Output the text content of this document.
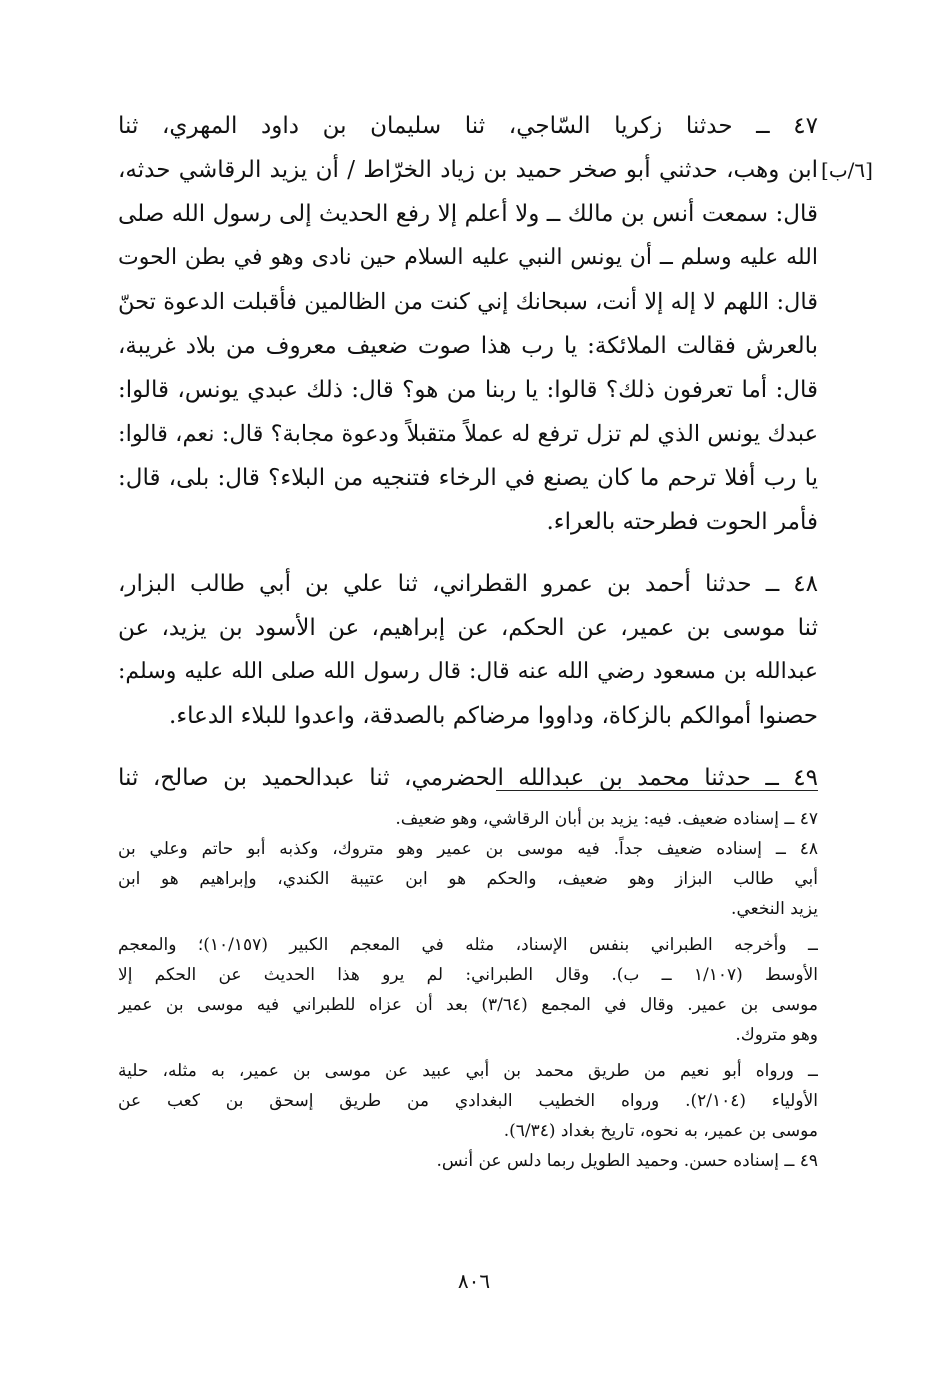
[٦/ب]
٤٧ ــ حدثنا زكريا السّاجي، ثنا سليمان بن داود المهري، ثنا
ابن وهب، حدثني أبو صخر حميد بن زياد الخرّاط / أن يزيد الرقاشي حدثه،
قال: سمعت أنس بن مالك ــ ولا أعلم إلا رفع الحديث إلى رسول الله صلى
الله عليه وسلم ــ أن يونس النبي عليه السلام حين نادى وهو في بطن الحوت
قال: اللهم لا إله إلا أنت، سبحانك إني كنت من الظالمين فأقبلت الدعوة تحنّ
بالعرش فقالت الملائكة: يا رب هذا صوت ضعيف معروف من بلاد غريبة،
قال: أما تعرفون ذلك؟ قالوا: يا ربنا من هو؟ قال: ذلك عبدي يونس، قالوا:
عبدك يونس الذي لم تزل ترفع له عملاً متقبلاً ودعوة مجابة؟ قال: نعم، قالوا:
يا رب أفلا ترحم ما كان يصنع في الرخاء فتنجيه من البلاء؟ قال: بلى، قال:
فأمر الحوت فطرحته بالعراء.
٤٨ ــ حدثنا أحمد بن عمرو القطراني، ثنا علي بن أبي طالب البزار،
ثنا موسى بن عمير، عن الحكم، عن إبراهيم، عن الأسود بن يزيد، عن
عبدالله بن مسعود رضي الله عنه قال: قال رسول الله صلى الله عليه وسلم:
حصنوا أموالكم بالزكاة، وداووا مرضاكم بالصدقة، واعدوا للبلاء الدعاء.
٤٩ ــ حدثنا محمد بن عبدالله الحضرمي، ثنا عبدالحميد بن صالح، ثنا
٤٧ ــ إسناده ضعيف. فيه: يزيد بن أبان الرقاشي، وهو ضعيف.
٤٨ ــ إسناده ضعيف جداً. فيه موسى بن عمير وهو متروك، وكذبه أبو حاتم وعلي بن
أبي طالب البزاز وهو ضعيف، والحكم هو ابن عتيبة الكندي، وإبراهيم هو ابن
يزيد النخعي.
ــ وأخرجه الطبراني بنفس الإسناد، مثله في المعجم الكبير (١٠/١٥٧)؛ والمعجم
الأوسط (١/١٠٧ ــ ب). وقال الطبراني: لم يرو هذا الحديث عن الحكم إلا
موسى بن عمير. وقال في المجمع (٣/٦٤) بعد أن عزاه للطبراني فيه موسى بن عمير
وهو متروك.
ــ ورواه أبو نعيم من طريق محمد بن أبي عبيد عن موسى بن عمير، به مثله، حلية
الأولياء (٢/١٠٤). ورواه الخطيب البغدادي من طريق إسحق بن كعب عن
موسى بن عمير، به نحوه، تاريخ بغداد (٦/٣٤).
٤٩ ــ إسناده حسن. وحميد الطويل ربما دلس عن أنس.
٨٠٦
